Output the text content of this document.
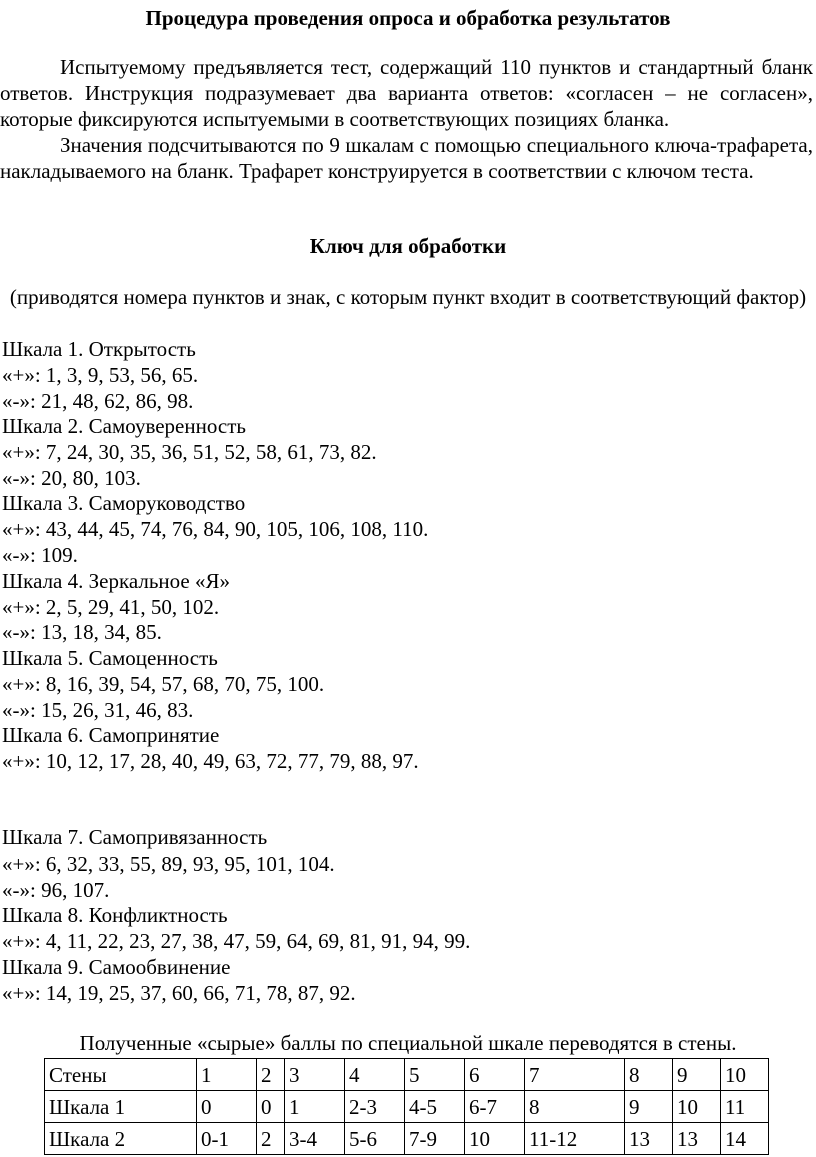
Процедура проведения опроса и обработка результатов

Испытуемому предъявляется тест, содержащий 110 пунктов и стандартный бланк ответов. Инструкция подразумевает два варианта ответов: «согласен – не согласен», которые фиксируются испытуемыми в соответствующих позициях бланка.

Значения подсчитываются по 9 шкалам с помощью специального ключа-трафарета, накладываемого на бланк. Трафарет конструируется в соответствии с ключом теста.

Ключ для обработки
(приводятся номера пунктов и знак, с которым пункт входит в соответствующий фактор)
Шкала 1. Открытость
«+»: 1, 3, 9, 53, 56, 65.
«-»: 21, 48, 62, 86, 98.
Шкала 2. Самоуверенность
«+»: 7, 24, 30, 35, 36, 51, 52, 58, 61, 73, 82.
«-»: 20, 80, 103.
Шкала 3. Саморуководство
«+»: 43, 44, 45, 74, 76, 84, 90, 105, 106, 108, 110.
«-»: 109.
Шкала 4. Зеркальное «Я»
«+»: 2, 5, 29, 41, 50, 102.
«-»: 13, 18, 34, 85.
Шкала 5. Самоценность
«+»: 8, 16, 39, 54, 57, 68, 70, 75, 100.
«-»: 15, 26, 31, 46, 83.
Шкала 6. Самопринятие
«+»: 10, 12, 17, 28, 40, 49, 63, 72, 77, 79, 88, 97.
Шкала 7. Самопривязанность
«+»: 6, 32, 33, 55, 89, 93, 95, 101, 104.
«-»: 96, 107.
Шкала 8. Конфликтность
«+»: 4, 11, 22, 23, 27, 38, 47, 59, 64, 69, 81, 91, 94, 99.
Шкала 9. Самообвинение
«+»: 14, 19, 25, 37, 60, 66, 71, 78, 87, 92.
Полученные «сырые» баллы по специальной шкале переводятся в стены.
Стены	1	2	3	4	5	6	7	8	9	10
Шкала 1	0	0	1	2-3	4-5	6-7	8	9	10	11
Шкала 2	0-1	2	3-4	5-6	7-9	10	11-12	13	13	14
